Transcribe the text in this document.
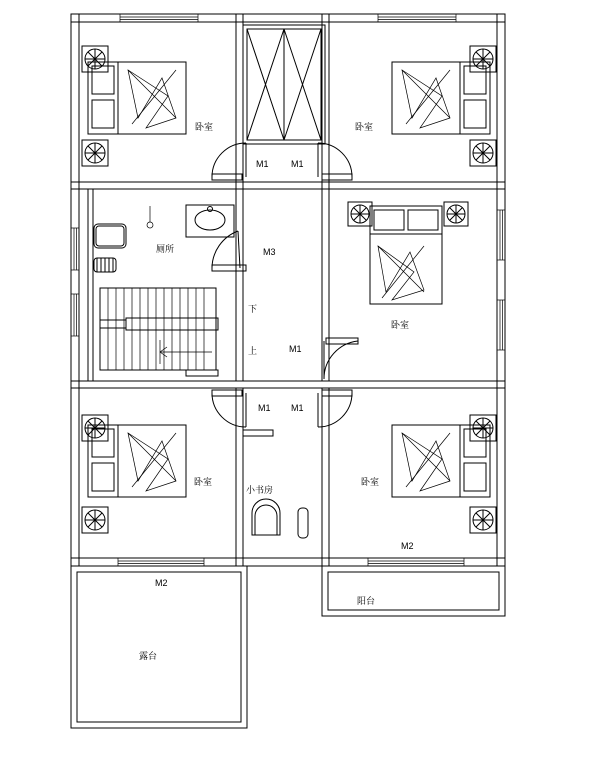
卧室	卧室
厕所
卧室
卧室
小书房
卧室
阳台
露台
M1 M1
M3
M1
M1 M1
M2
M2
下
上
